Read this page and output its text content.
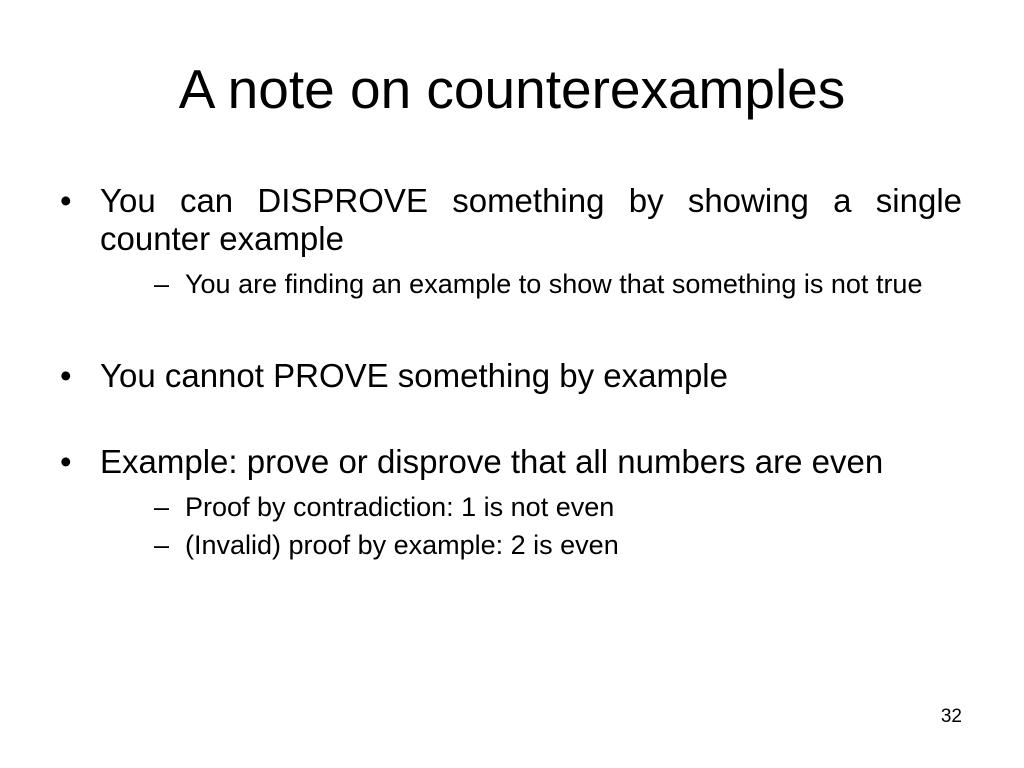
A note on counterexamples
• You can DISPROVE something by showing a single counter example
– You are finding an example to show that something is not true
• You cannot PROVE something by example
• Example: prove or disprove that all numbers are even
– Proof by contradiction: 1 is not even
– (Invalid) proof by example: 2 is even
32
